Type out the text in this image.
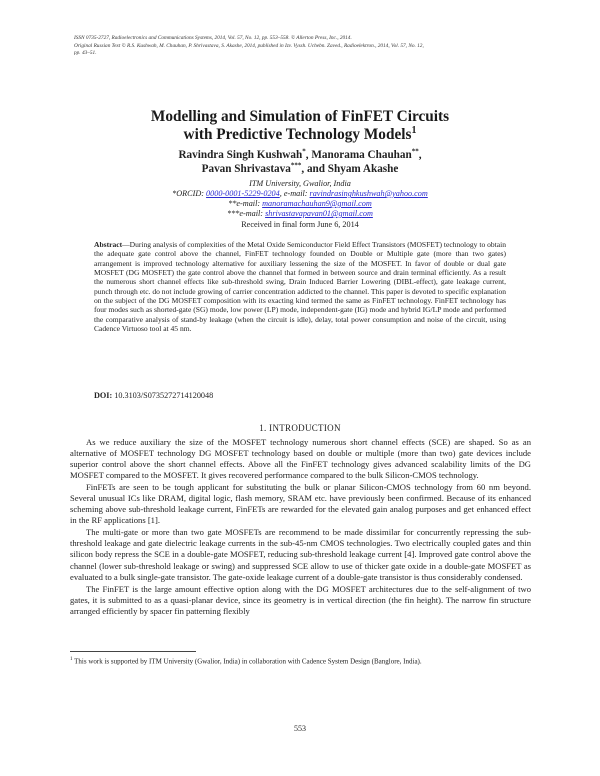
ISSN 0735-2727, Radioelectronics and Communications Systems, 2014, Vol. 57, No. 12, pp. 553–558. © Allerton Press, Inc., 2014.
Original Russian Text © R.S. Kushwah, M. Chauhan, P. Shrivastava, S. Akashe, 2014, published in Izv. Vyssh. Uchebn. Zaved., Radioelektron., 2014, Vol. 57, No. 12,
pp. 43–51.
Modelling and Simulation of FinFET Circuits
with Predictive Technology Models$^1$
Ravindra Singh Kushwah*, Manorama Chauhan**,
Pavan Shrivastava***, and Shyam Akashe
ITM University, Gwalior, India
*ORCID: 0000-0001-5229-0204, e-mail: ravindrasinghkushwah@yahoo.com
**e-mail: manoramachauhan9@gmail.com
***e-mail: shrivastavapavan01@gmail.com
Received in final form June 6, 2014
Abstract—During analysis of complexities of the Metal Oxide Semiconductor Field Effect Transistors (MOSFET) technology to obtain the adequate gate control above the channel, FinFET technology founded on Double or Multiple gate (more than two gates) arrangement is improved technology alternative for auxiliary lessening the size of the MOSFET. In favor of double or dual gate MOSFET (DG MOSFET) the gate control above the channel that formed in between source and drain terminal efficiently. As a result the numerous short channel effects like sub-threshold swing, Drain Induced Barrier Lowering (DIBL-effect), gate leakage current, punch through etc. do not include growing of carrier concentration addicted to the channel. This paper is devoted to specific explanation on the subject of the DG MOSFET composition with its exacting kind termed the same as FinFET technology. FinFET technology has four modes such as shorted-gate (SG) mode, low power (LP) mode, independent-gate (IG) mode and hybrid IG/LP mode and performed the comparative analysis of stand-by leakage (when the circuit is idle), delay, total power consumption and noise of the circuit, using Cadence Virtuoso tool at 45 nm.
DOI: 10.3103/S0735272714120048
1. INTRODUCTION

As we reduce auxiliary the size of the MOSFET technology numerous short channel effects (SCE) are shaped. So as an alternative of MOSFET technology DG MOSFET technology based on double or multiple (more than two) gate devices include superior control above the short channel effects. Above all the FinFET technology gives advanced scalability limits of the DG MOSFET compared to the MOSFET. It gives recovered performance compared to the bulk Silicon-CMOS technology.

FinFETs are seen to be tough applicant for substituting the bulk or planar Silicon-CMOS technology from 60 nm beyond. Several unusual ICs like DRAM, digital logic, flash memory, SRAM etc. have previously been confirmed. Because of its enhanced scheming above sub-threshold leakage current, FinFETs are rewarded for the elevated gain analog purposes and get enhanced effect in the RF applications [1].

The multi-gate or more than two gate MOSFETs are recommend to be made dissimilar for concurrently repressing the sub-threshold leakage and gate dielectric leakage currents in the sub-45-nm CMOS technologies. Two electrically coupled gates and thin silicon body repress the SCE in a double-gate MOSFET, reducing sub-threshold leakage current [4]. Improved gate control above the channel (lower sub-threshold leakage or swing) and suppressed SCE allow to use of thicker gate oxide in a double-gate MOSFET as evaluated to a bulk single-gate transistor. The gate-oxide leakage current of a double-gate transistor is thus considerably condensed.

The FinFET is the large amount effective option along with the DG MOSFET architectures due to the self-alignment of two gates, it is submitted to as a quasi-planar device, since its geometry is in vertical direction (the fin height). The narrow fin structure arranged efficiently by spacer fin patterning flexibly

$^1$ This work is supported by ITM University (Gwalior, India) in collaboration with Cadence System Design (Banglore, India).
553
